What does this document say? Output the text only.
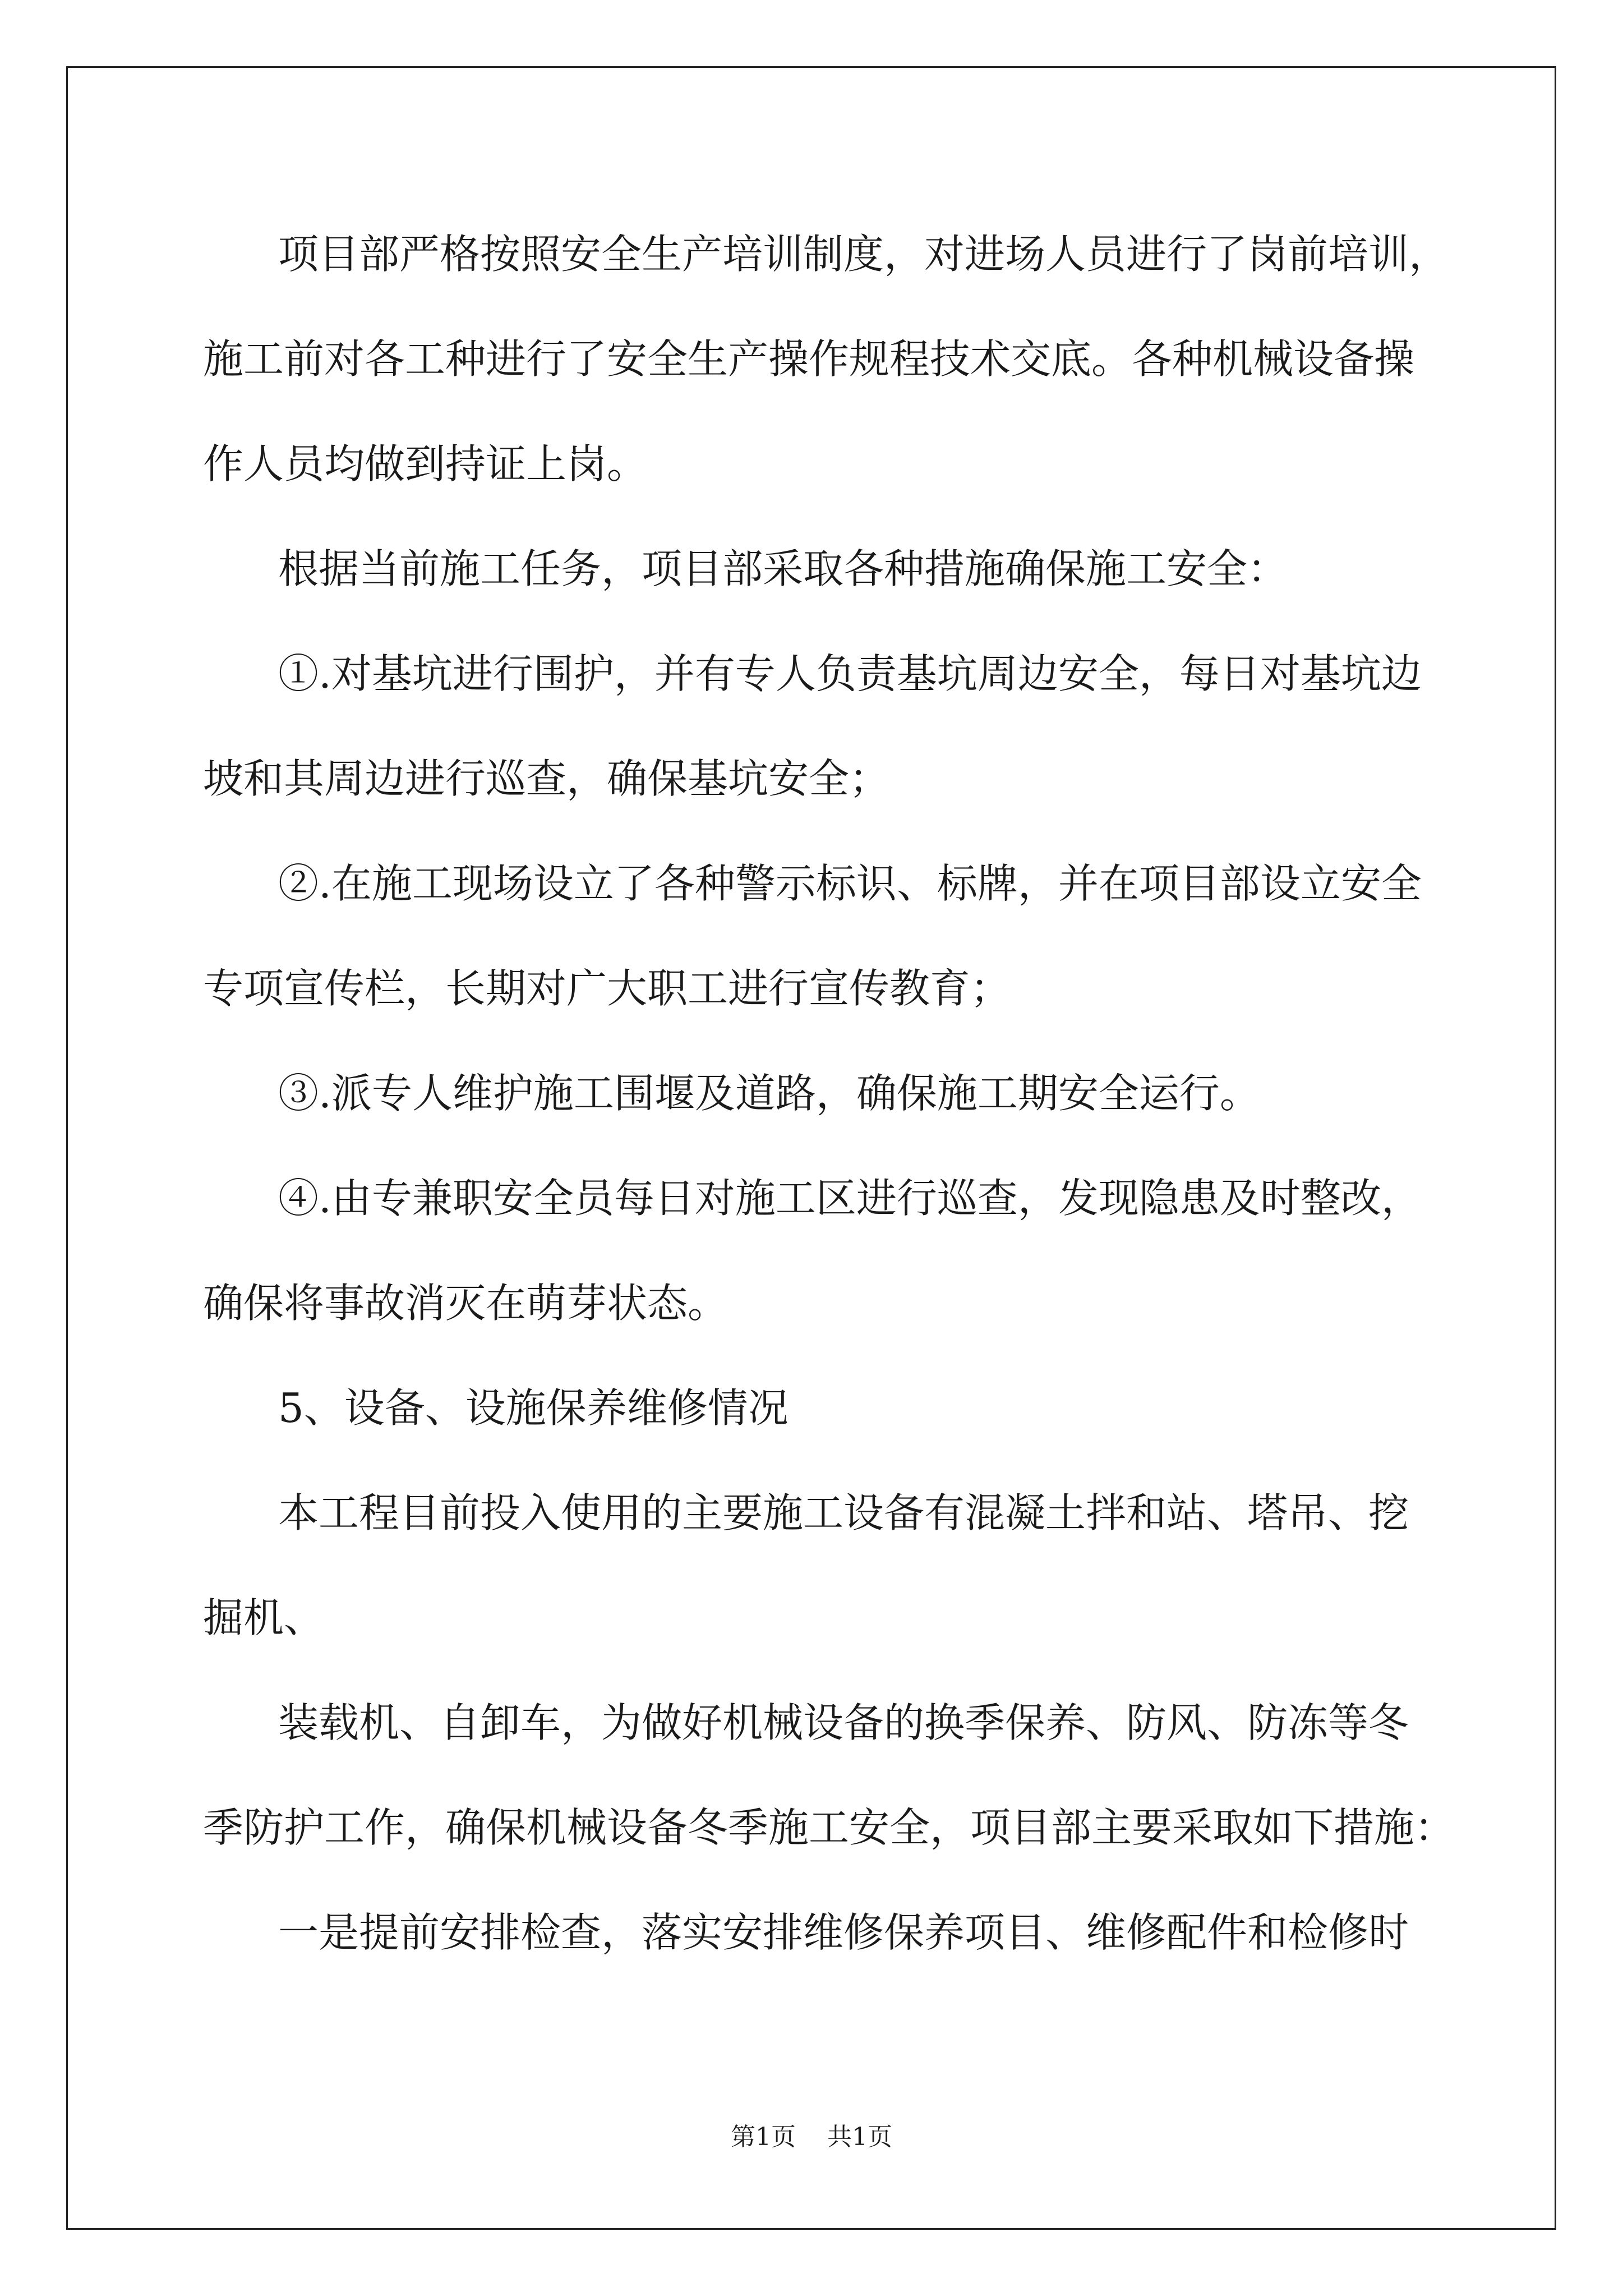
项目部严格按照安全生产培训制度，对进场人员进行了岗前培训，
施工前对各工种进行了安全生产操作规程技术交底。各种机械设备操
作人员均做到持证上岗。
根据当前施工任务，项目部采取各种措施确保施工安全：
①.对基坑进行围护，并有专人负责基坑周边安全，每日对基坑边
坡和其周边进行巡查，确保基坑安全；
②.在施工现场设立了各种警示标识、标牌，并在项目部设立安全
专项宣传栏，长期对广大职工进行宣传教育；
③.派专人维护施工围堰及道路，确保施工期安全运行。
④.由专兼职安全员每日对施工区进行巡查，发现隐患及时整改，
确保将事故消灭在萌芽状态。
5、设备、设施保养维修情况
本工程目前投入使用的主要施工设备有混凝土拌和站、塔吊、挖
掘机、
装载机、自卸车，为做好机械设备的换季保养、防风、防冻等冬
季防护工作，确保机械设备冬季施工安全，项目部主要采取如下措施：
一是提前安排检查，落实安排维修保养项目、维修配件和检修时
第1页 共1页
